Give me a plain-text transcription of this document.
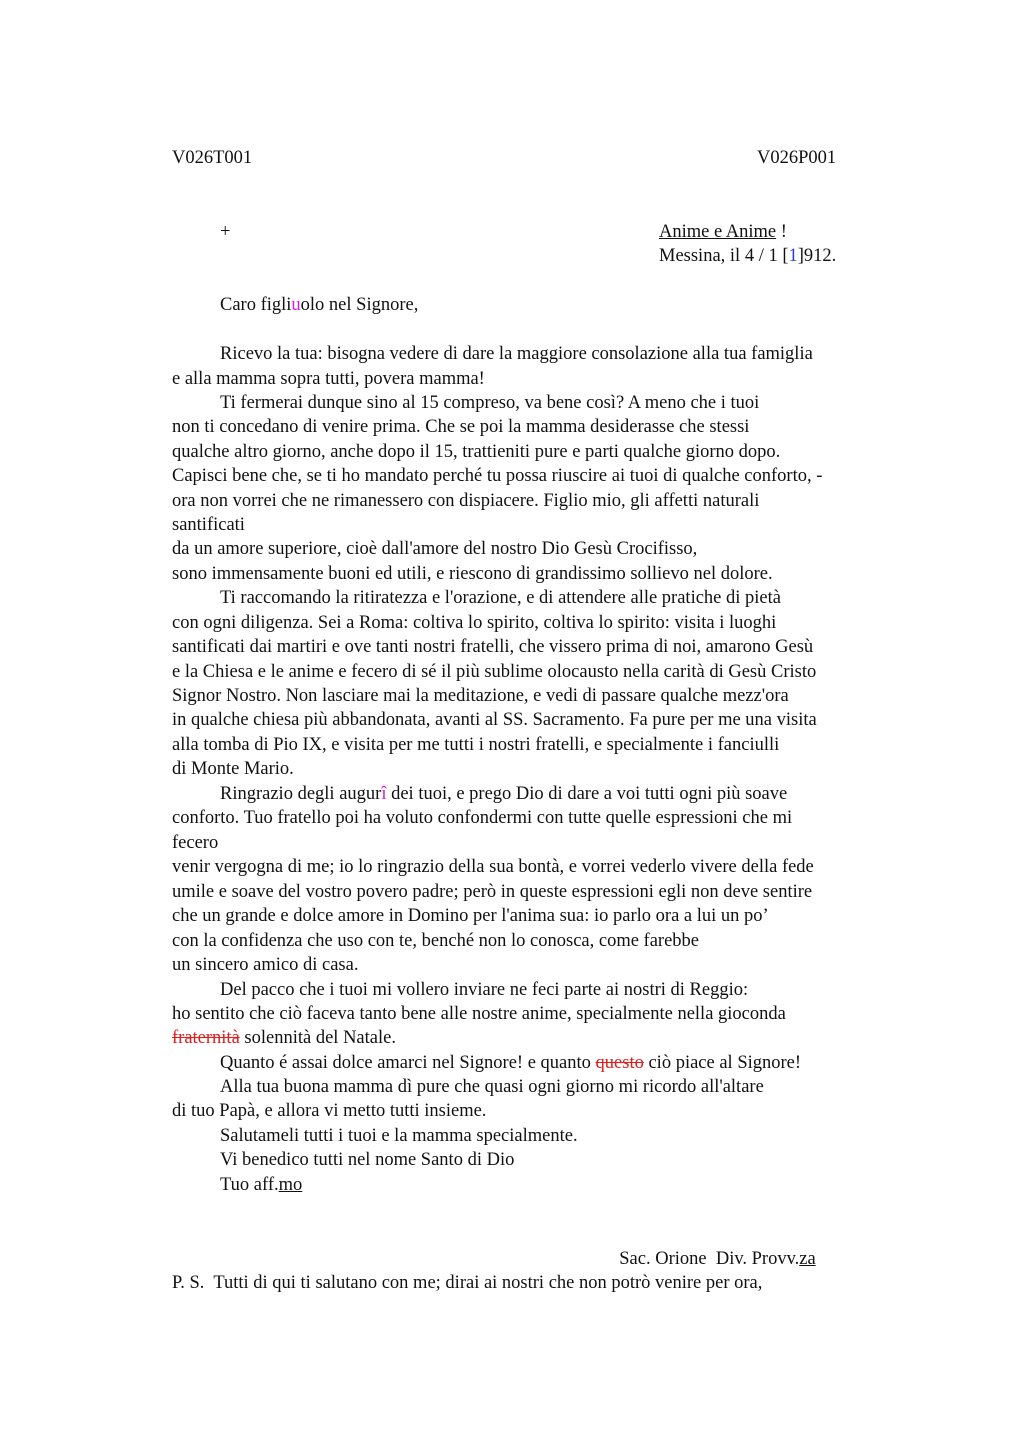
V026T001	V026P001
+	Anime e Anime !
Messina, il 4 / 1 [1]912.
Caro figliuolo nel Signore,
Ricevo la tua: bisogna vedere di dare la maggiore consolazione alla tua famiglia
e alla mamma sopra tutti, povera mamma!
Ti fermerai dunque sino al 15 compreso, va bene così? A meno che i tuoi
non ti concedano di venire prima. Che se poi la mamma desiderasse che stessi
qualche altro giorno, anche dopo il 15, trattieniti pure e parti qualche giorno dopo.
Capisci bene che, se ti ho mandato perché tu possa riuscire ai tuoi di qualche conforto, -
ora non vorrei che ne rimanessero con dispiacere. Figlio mio, gli affetti naturali
santificati
da un amore superiore, cioè dall'amore del nostro Dio Gesù Crocifisso,
sono immensamente buoni ed utili, e riescono di grandissimo sollievo nel dolore.
Ti raccomando la ritiratezza e l'orazione, e di attendere alle pratiche di pietà
con ogni diligenza. Sei a Roma: coltiva lo spirito, coltiva lo spirito: visita i luoghi
santificati dai martiri e ove tanti nostri fratelli, che vissero prima di noi, amarono Gesù
e la Chiesa e le anime e fecero di sé il più sublime olocausto nella carità di Gesù Cristo
Signor Nostro. Non lasciare mai la meditazione, e vedi di passare qualche mezz'ora
in qualche chiesa più abbandonata, avanti al SS. Sacramento. Fa pure per me una visita
alla tomba di Pio IX, e visita per me tutti i nostri fratelli, e specialmente i fanciulli
di Monte Mario.
Ringrazio degli augurî dei tuoi, e prego Dio di dare a voi tutti ogni più soave
conforto. Tuo fratello poi ha voluto confondermi con tutte quelle espressioni che mi
fecero
venir vergogna di me; io lo ringrazio della sua bontà, e vorrei vederlo vivere della fede
umile e soave del vostro povero padre; però in queste espressioni egli non deve sentire
che un grande e dolce amore in Domino per l'anima sua: io parlo ora a lui un po’
con la confidenza che uso con te, benché non lo conosca, come farebbe
un sincero amico di casa.
Del pacco che i tuoi mi vollero inviare ne feci parte ai nostri di Reggio:
ho sentito che ciò faceva tanto bene alle nostre anime, specialmente nella gioconda
fraternità solennità del Natale.
Quanto é assai dolce amarci nel Signore! e quanto questo ciò piace al Signore!
Alla tua buona mamma dì pure che quasi ogni giorno mi ricordo all'altare
di tuo Papà, e allora vi metto tutti insieme.
Salutameli tutti i tuoi e la mamma specialmente.
Vi benedico tutti nel nome Santo di Dio
Tuo aff.mo

Sac. Orione  Div. Provv.za

P. S.  Tutti di qui ti salutano con me; dirai ai nostri che non potrò venire per ora,
